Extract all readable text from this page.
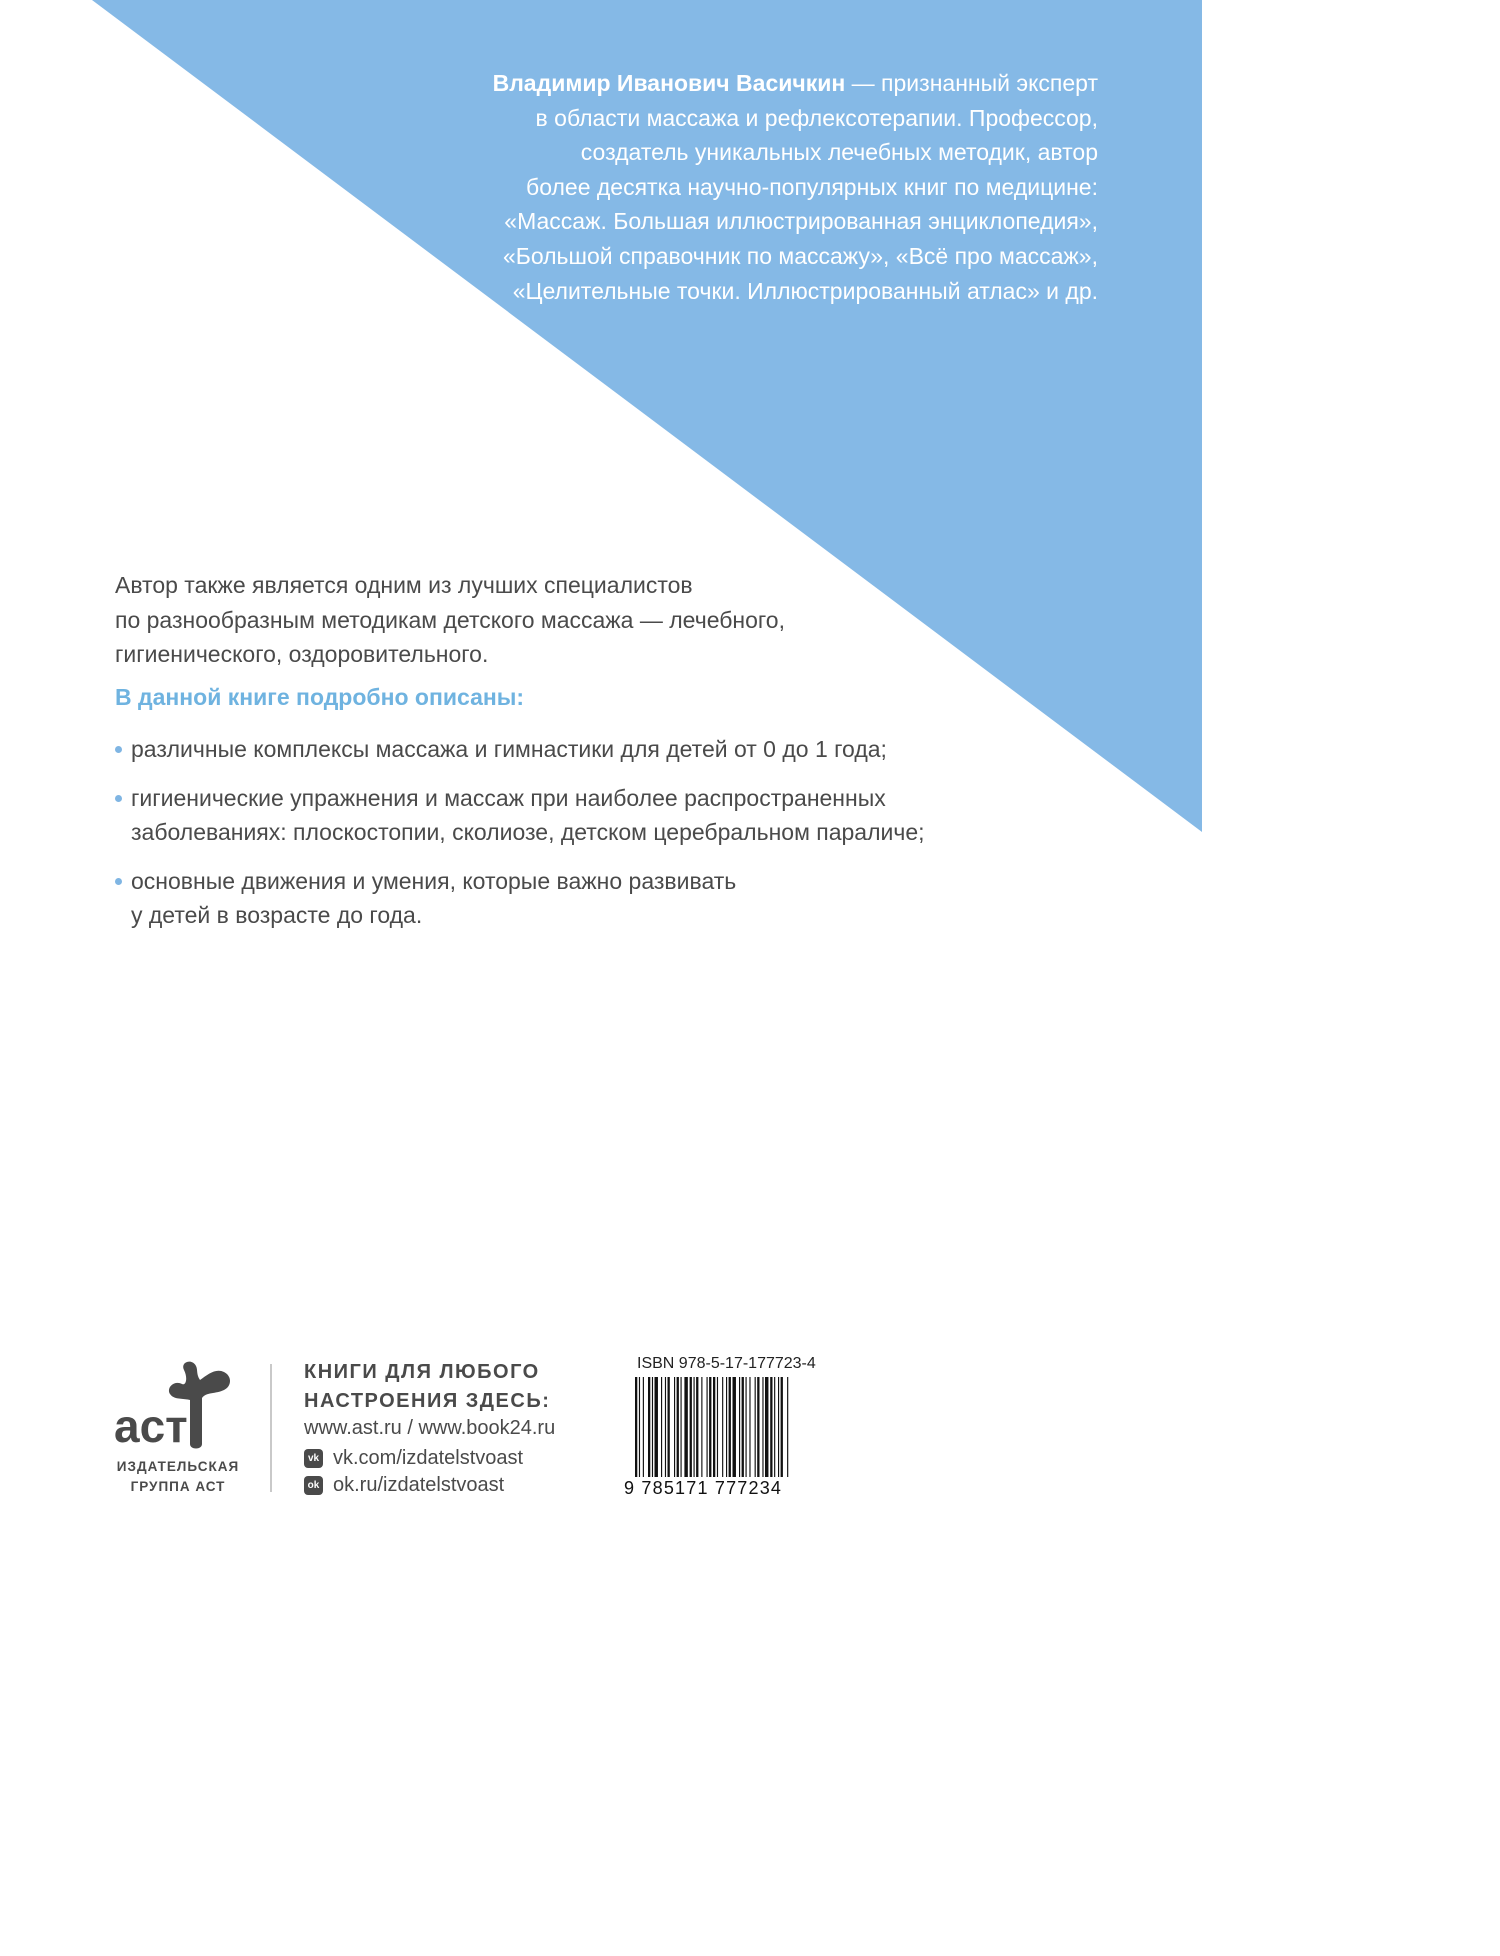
Владимир Иванович Васичкин — признанный эксперт
в области массажа и рефлексотерапии. Профессор,
создатель уникальных лечебных методик, автор
более десятка научно-популярных книг по медицине:
«Массаж. Большая иллюстрированная энциклопедия»,
«Большой справочник по массажу», «Всё про массаж»,
«Целительные точки. Иллюстрированный атлас» и др.
Автор также является одним из лучших специалистов
по разнообразным методикам детского массажа — лечебного,
гигиенического, оздоровительного.
В данной книге подробно описаны:
различные комплексы массажа и гимнастики для детей от 0 до 1 года;
гигиенические упражнения и массаж при наиболее распространенных
заболеваниях: плоскостопии, сколиозе, детском церебральном параличе;
основные движения и умения, которые важно развивать
у детей в возрасте до года.
аст
ИЗДАТЕЛЬСКАЯ
ГРУППА АСТ
КНИГИ ДЛЯ ЛЮБОГО
НАСТРОЕНИЯ ЗДЕСЬ:
www.ast.ru / www.book24.ru
vk vk.com/izdatelstvoast
ok ok.ru/izdatelstvoast
ISBN 978-5-17-177723-4
9 785171 777234
